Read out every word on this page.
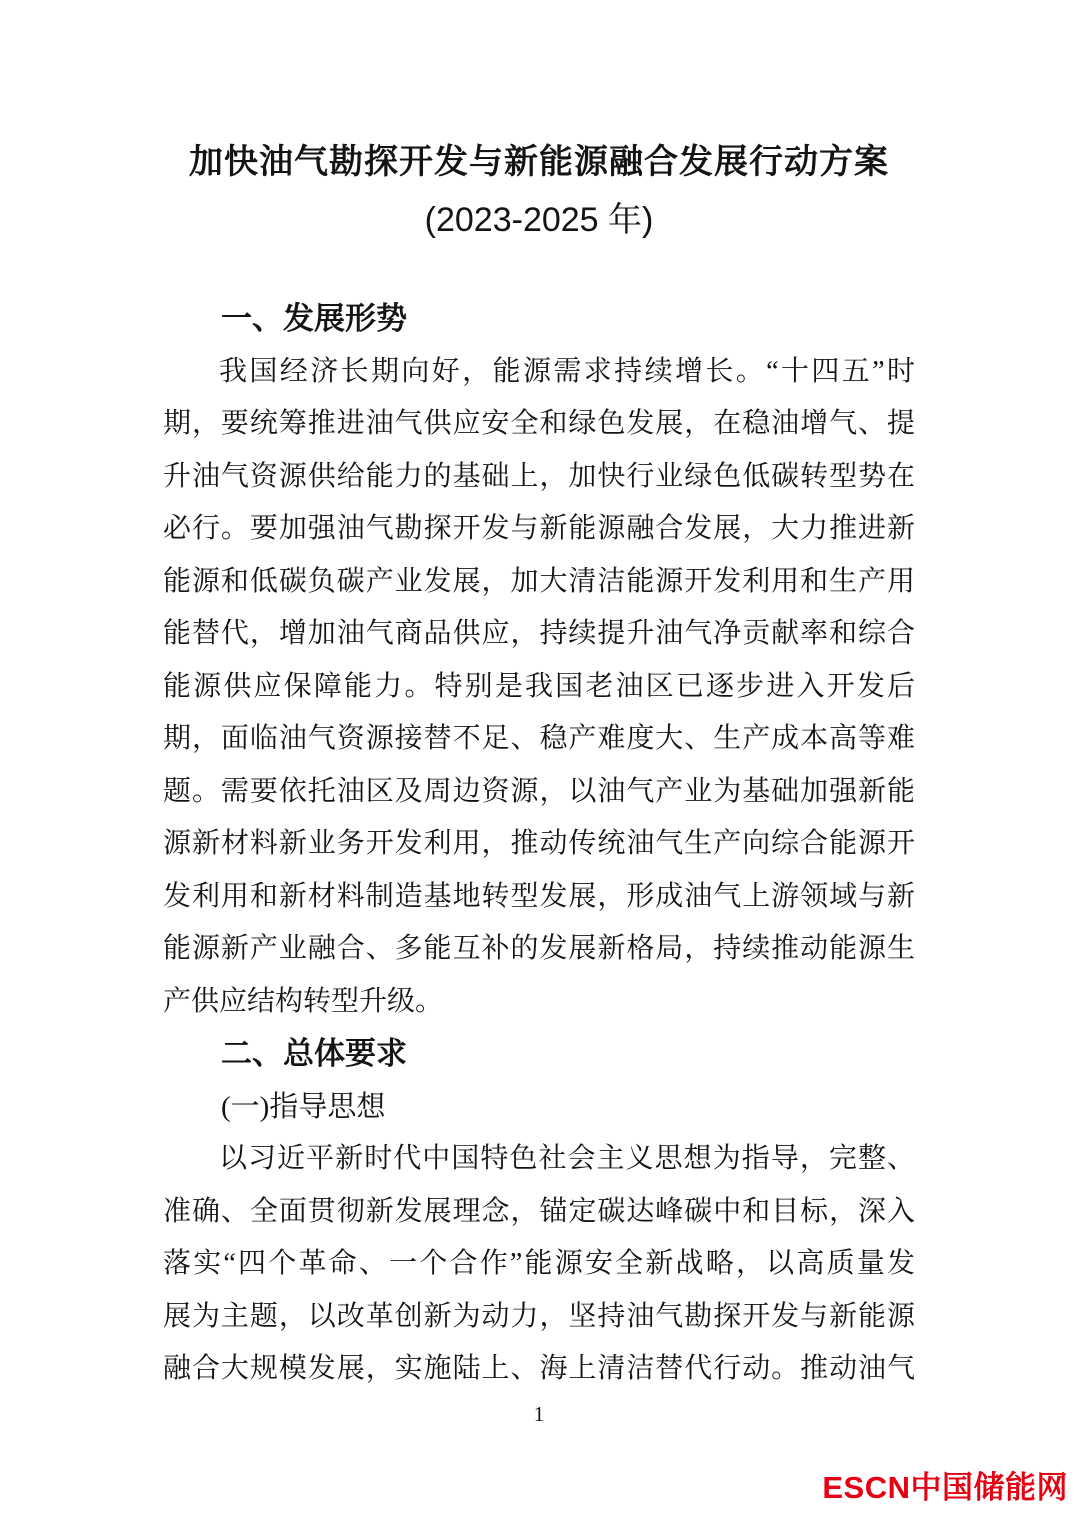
加快油气勘探开发与新能源融合发展行动方案
(2023-2025 年)
一、发展形势
我国经济长期向好，能源需求持续增长。“十四五”时
期，要统筹推进油气供应安全和绿色发展，在稳油增气、提
升油气资源供给能力的基础上，加快行业绿色低碳转型势在
必行。要加强油气勘探开发与新能源融合发展，大力推进新
能源和低碳负碳产业发展，加大清洁能源开发利用和生产用
能替代，增加油气商品供应，持续提升油气净贡献率和综合
能源供应保障能力。特别是我国老油区已逐步进入开发后
期，面临油气资源接替不足、稳产难度大、生产成本高等难
题。需要依托油区及周边资源，以油气产业为基础加强新能
源新材料新业务开发利用，推动传统油气生产向综合能源开
发利用和新材料制造基地转型发展，形成油气上游领域与新
能源新产业融合、多能互补的发展新格局，持续推动能源生
产供应结构转型升级。
二、总体要求
(一)指导思想
以习近平新时代中国特色社会主义思想为指导，完整、
准确、全面贯彻新发展理念，锚定碳达峰碳中和目标，深入
落实“四个革命、一个合作”能源安全新战略，以高质量发
展为主题，以改革创新为动力，坚持油气勘探开发与新能源
融合大规模发展，实施陆上、海上清洁替代行动。推动油气
1
ESCN中国储能网
